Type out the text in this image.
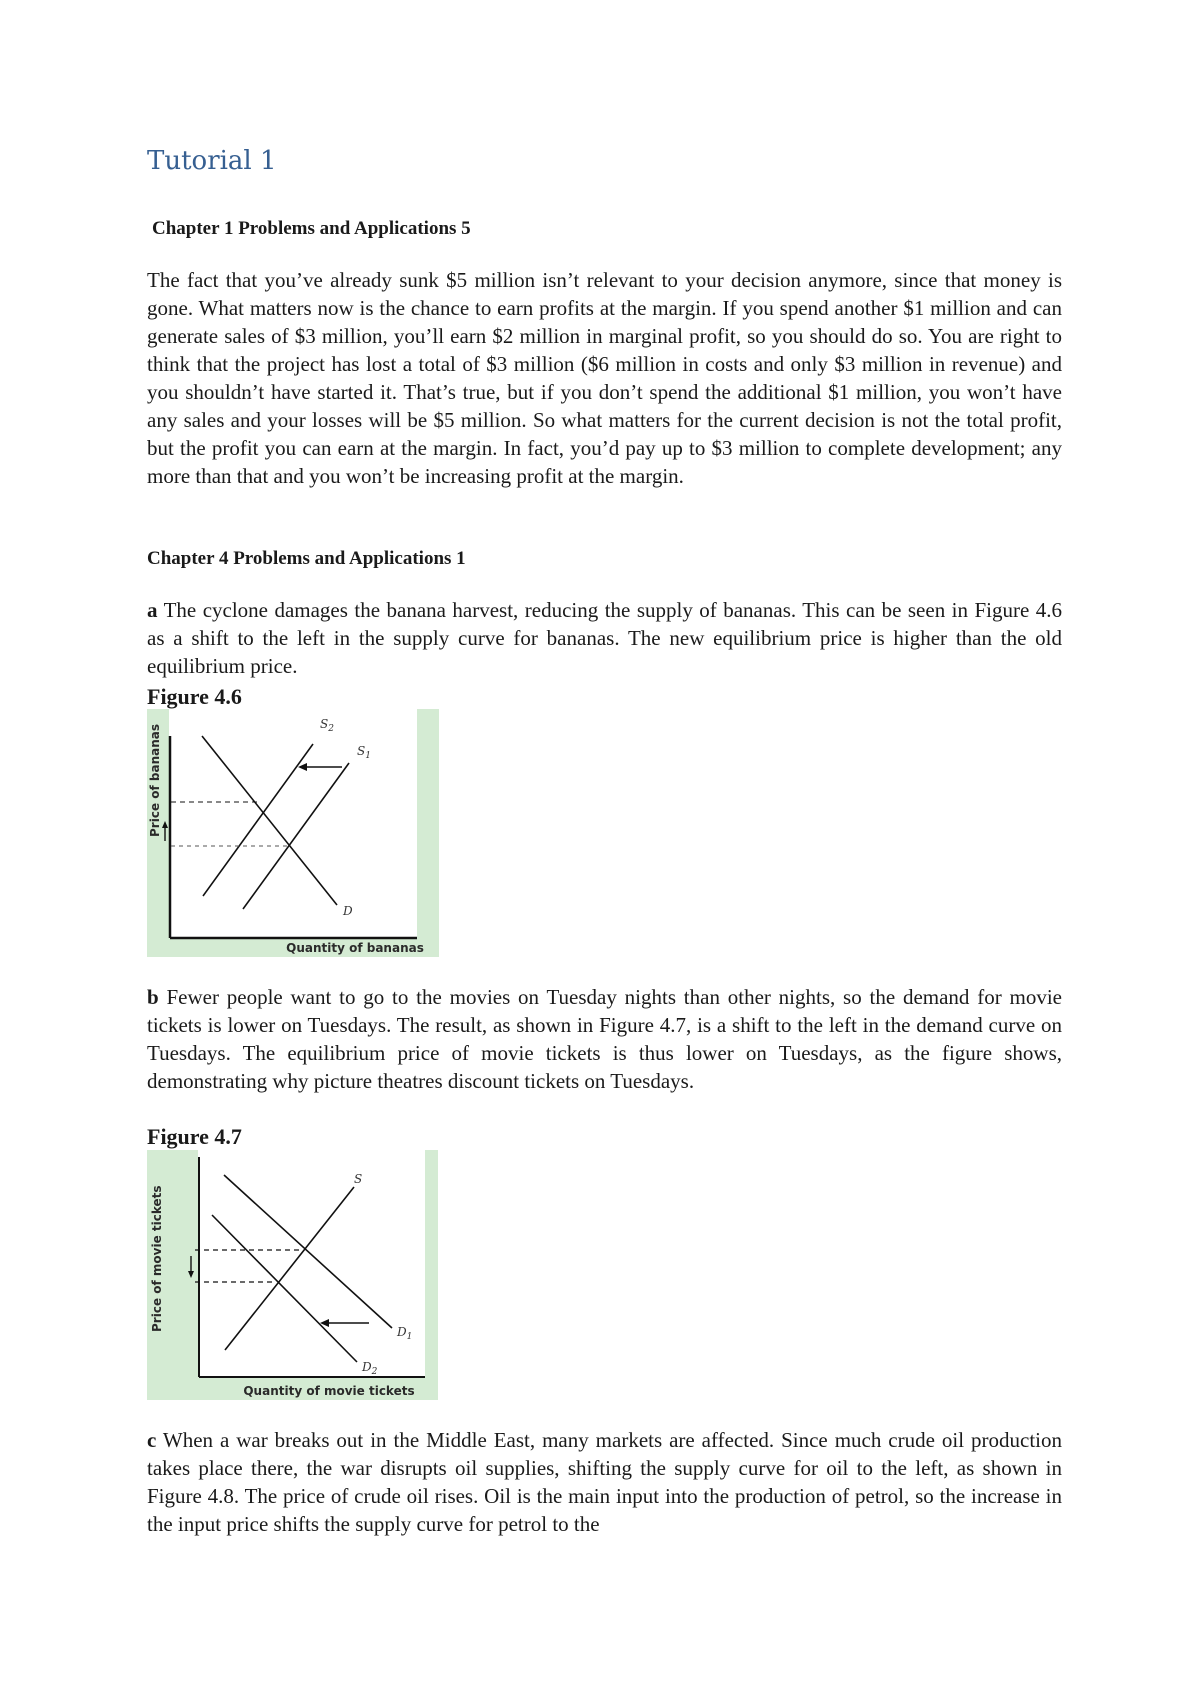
Tutorial 1

Chapter 1 Problems and Applications 5

The fact that you’ve already sunk $5 million isn’t relevant to your decision anymore, since that money is gone. What matters now is the chance to earn profits at the margin. If you spend another $1 million and can generate sales of $3 million, you’ll earn $2 million in marginal profit, so you should do so. You are right to think that the project has lost a total of $3 million ($6 million in costs and only $3 million in revenue) and you shouldn’t have started it. That’s true, but if you don’t spend the additional $1 million, you won’t have any sales and your losses will be $5 million. So what matters for the current decision is not the total profit, but the profit you can earn at the margin. In fact, you’d pay up to $3 million to complete development; any more than that and you won’t be increasing profit at the margin.

Chapter 4 Problems and Applications 1

a The cyclone damages the banana harvest, reducing the supply of bananas. This can be seen in Figure 4.6 as a shift to the left in the supply curve for bananas. The new equilibrium price is higher than the old equilibrium price.

Figure 4.6

Price of bananas
Quantity of bananas
$S_2$
$S_1$
D

b Fewer people want to go to the movies on Tuesday nights than other nights, so the demand for movie tickets is lower on Tuesdays. The result, as shown in Figure 4.7, is a shift to the left in the demand curve on Tuesdays. The equilibrium price of movie tickets is thus lower on Tuesdays, as the figure shows, demonstrating why picture theatres discount tickets on Tuesdays.

Figure 4.7

Price of movie tickets
Quantity of movie tickets
S
$D_1$
$D_2$

c When a war breaks out in the Middle East, many markets are affected. Since much crude oil production takes place there, the war disrupts oil supplies, shifting the supply curve for oil to the left, as shown in Figure 4.8. The price of crude oil rises. Oil is the main input into the production of petrol, so the increase in the input price shifts the supply curve for petrol to the
